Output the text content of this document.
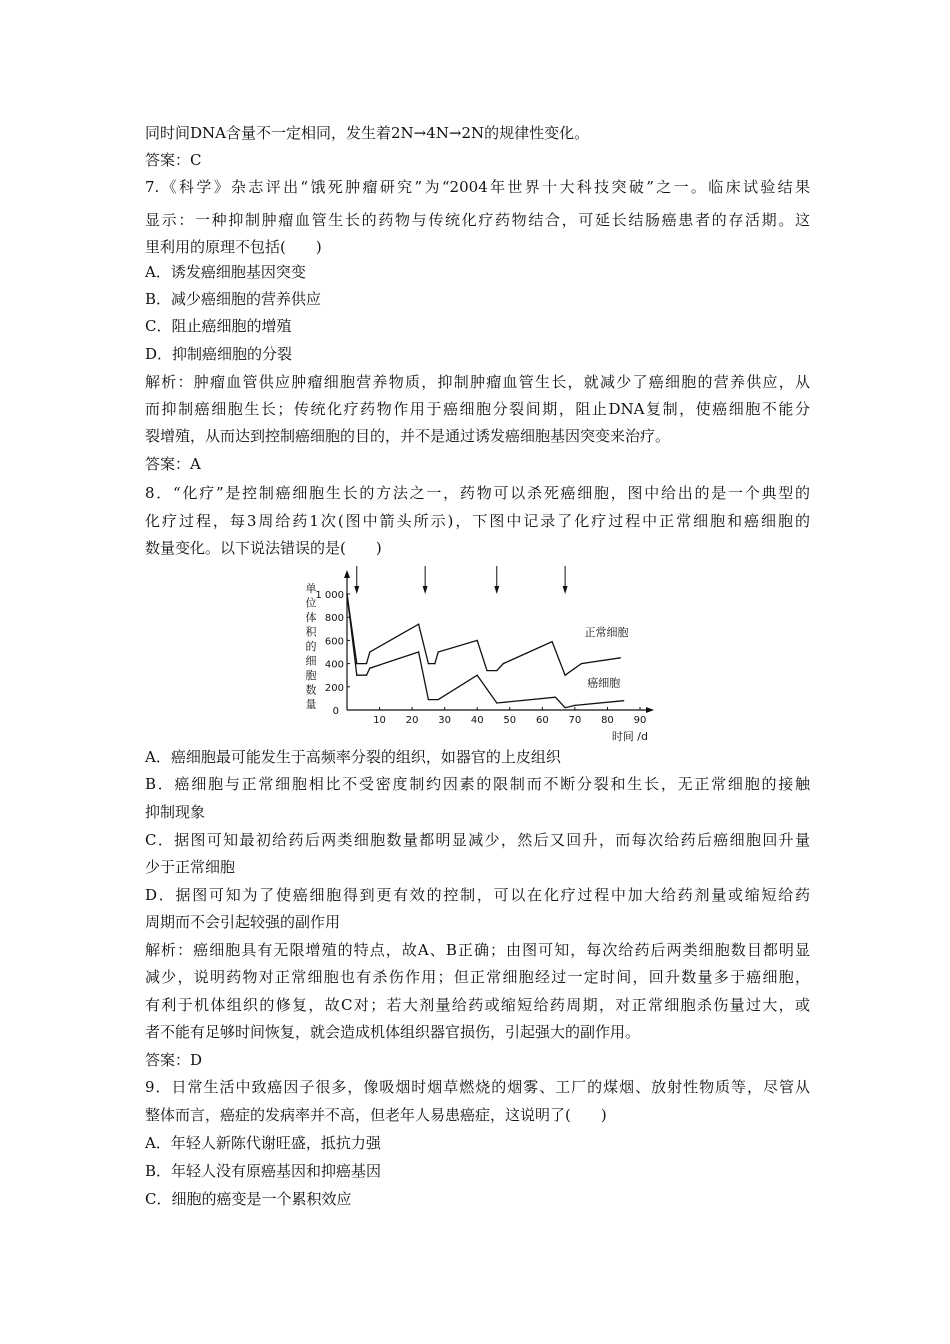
同时间DNA含量不一定相同，发生着2N→4N→2N的规律性变化。
答案：C
7.《科学》杂志评出“饿死肿瘤研究”为“2004年世界十大科技突破”之一。临床试验结果
显示：一种抑制肿瘤血管生长的药物与传统化疗药物结合，可延长结肠癌患者的存活期。这
里利用的原理不包括(　　)
A．诱发癌细胞基因突变
B．减少癌细胞的营养供应
C．阻止癌细胞的增殖
D．抑制癌细胞的分裂
解析：肿瘤血管供应肿瘤细胞营养物质，抑制肿瘤血管生长，就减少了癌细胞的营养供应，从
而抑制癌细胞生长；传统化疗药物作用于癌细胞分裂间期，阻止DNA复制，使癌细胞不能分
裂增殖，从而达到控制癌细胞的目的，并不是通过诱发癌细胞基因突变来治疗。
答案：A
8．“化疗”是控制癌细胞生长的方法之一，药物可以杀死癌细胞，图中给出的是一个典型的
化疗过程，每3周给药1次(图中箭头所示)，下图中记录了化疗过程中正常细胞和癌细胞的
数量变化。以下说法错误的是(　　)
A．癌细胞最可能发生于高频率分裂的组织，如器官的上皮组织
B．癌细胞与正常细胞相比不受密度制约因素的限制而不断分裂和生长，无正常细胞的接触
抑制现象
C．据图可知最初给药后两类细胞数量都明显减少，然后又回升，而每次给药后癌细胞回升量
少于正常细胞
D．据图可知为了使癌细胞得到更有效的控制，可以在化疗过程中加大给药剂量或缩短给药
周期而不会引起较强的副作用
解析：癌细胞具有无限增殖的特点，故A、B正确；由图可知，每次给药后两类细胞数目都明显
减少，说明药物对正常细胞也有杀伤作用；但正常细胞经过一定时间，回升数量多于癌细胞，
有利于机体组织的修复，故C对；若大剂量给药或缩短给药周期，对正常细胞杀伤量过大，或
者不能有足够时间恢复，就会造成机体组织器官损伤，引起强大的副作用。
答案：D
9．日常生活中致癌因子很多，像吸烟时烟草燃烧的烟雾、工厂的煤烟、放射性物质等，尽管从
整体而言，癌症的发病率并不高，但老年人易患癌症，这说明了(　　)
A．年轻人新陈代谢旺盛，抵抗力强
B．年轻人没有原癌基因和抑癌基因
C．细胞的癌变是一个累积效应
200
400
600
800
1 000
0
10 20 30 40 50 60 70 80 90
单位体积的细胞数量
时间 /d
正常细胞
癌细胞
